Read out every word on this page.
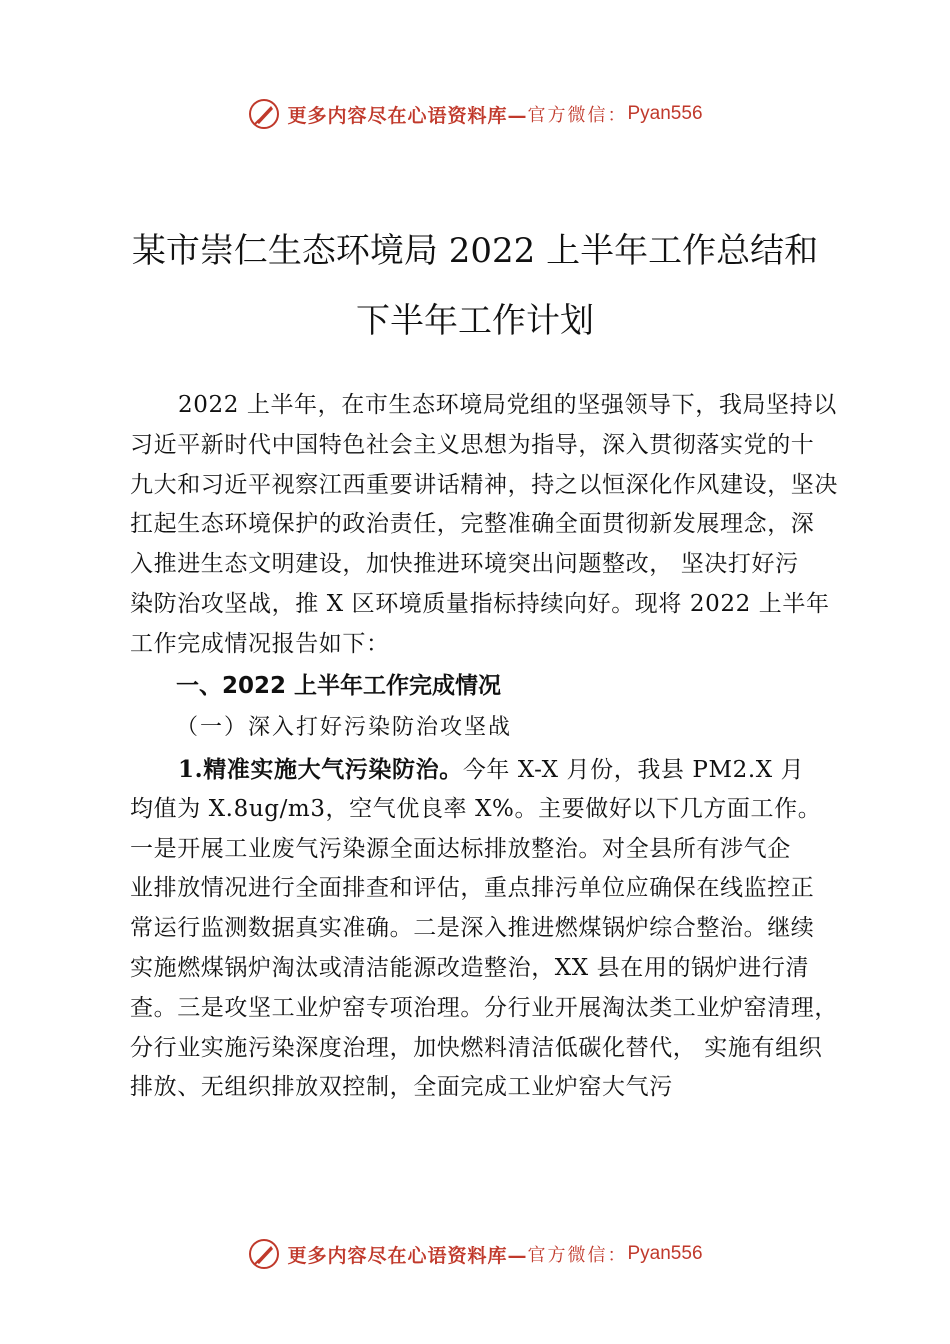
更多内容尽在心语资料库— 官方微信： Pyan556
某市崇仁生态环境局 2022 上半年工作总结和
下半年工作计划
2022 上半年，在市生态环境局党组的坚强领导下，我局坚持以
习近平新时代中国特色社会主义思想为指导，深入贯彻落实党的十
九大和习近平视察江西重要讲话精神，持之以恒深化作风建设，坚决
扛起生态环境保护的政治责任，完整准确全面贯彻新发展理念，深
入推进生态文明建设，加快推进环境突出问题整改， 坚决打好污
染防治攻坚战，推 X 区环境质量指标持续向好。现将 2022 上半年
工作完成情况报告如下：
一、2022 上半年工作完成情况
（一）深入打好污染防治攻坚战
1.精准实施大气污染防治。今年 X-X 月份，我县 PM2.X 月
均值为 X.8ug/m3，空气优良率 X%。主要做好以下几方面工作。
一是开展工业废气污染源全面达标排放整治。对全县所有涉气企
业排放情况进行全面排查和评估，重点排污单位应确保在线监控正
常运行监测数据真实准确。二是深入推进燃煤锅炉综合整治。继续
实施燃煤锅炉淘汰或清洁能源改造整治，XX 县在用的锅炉进行清
查。三是攻坚工业炉窑专项治理。分行业开展淘汰类工业炉窑清理，
分行业实施污染深度治理，加快燃料清洁低碳化替代， 实施有组织
排放、无组织排放双控制，全面完成工业炉窑大气污
更多内容尽在心语资料库— 官方微信： Pyan556
